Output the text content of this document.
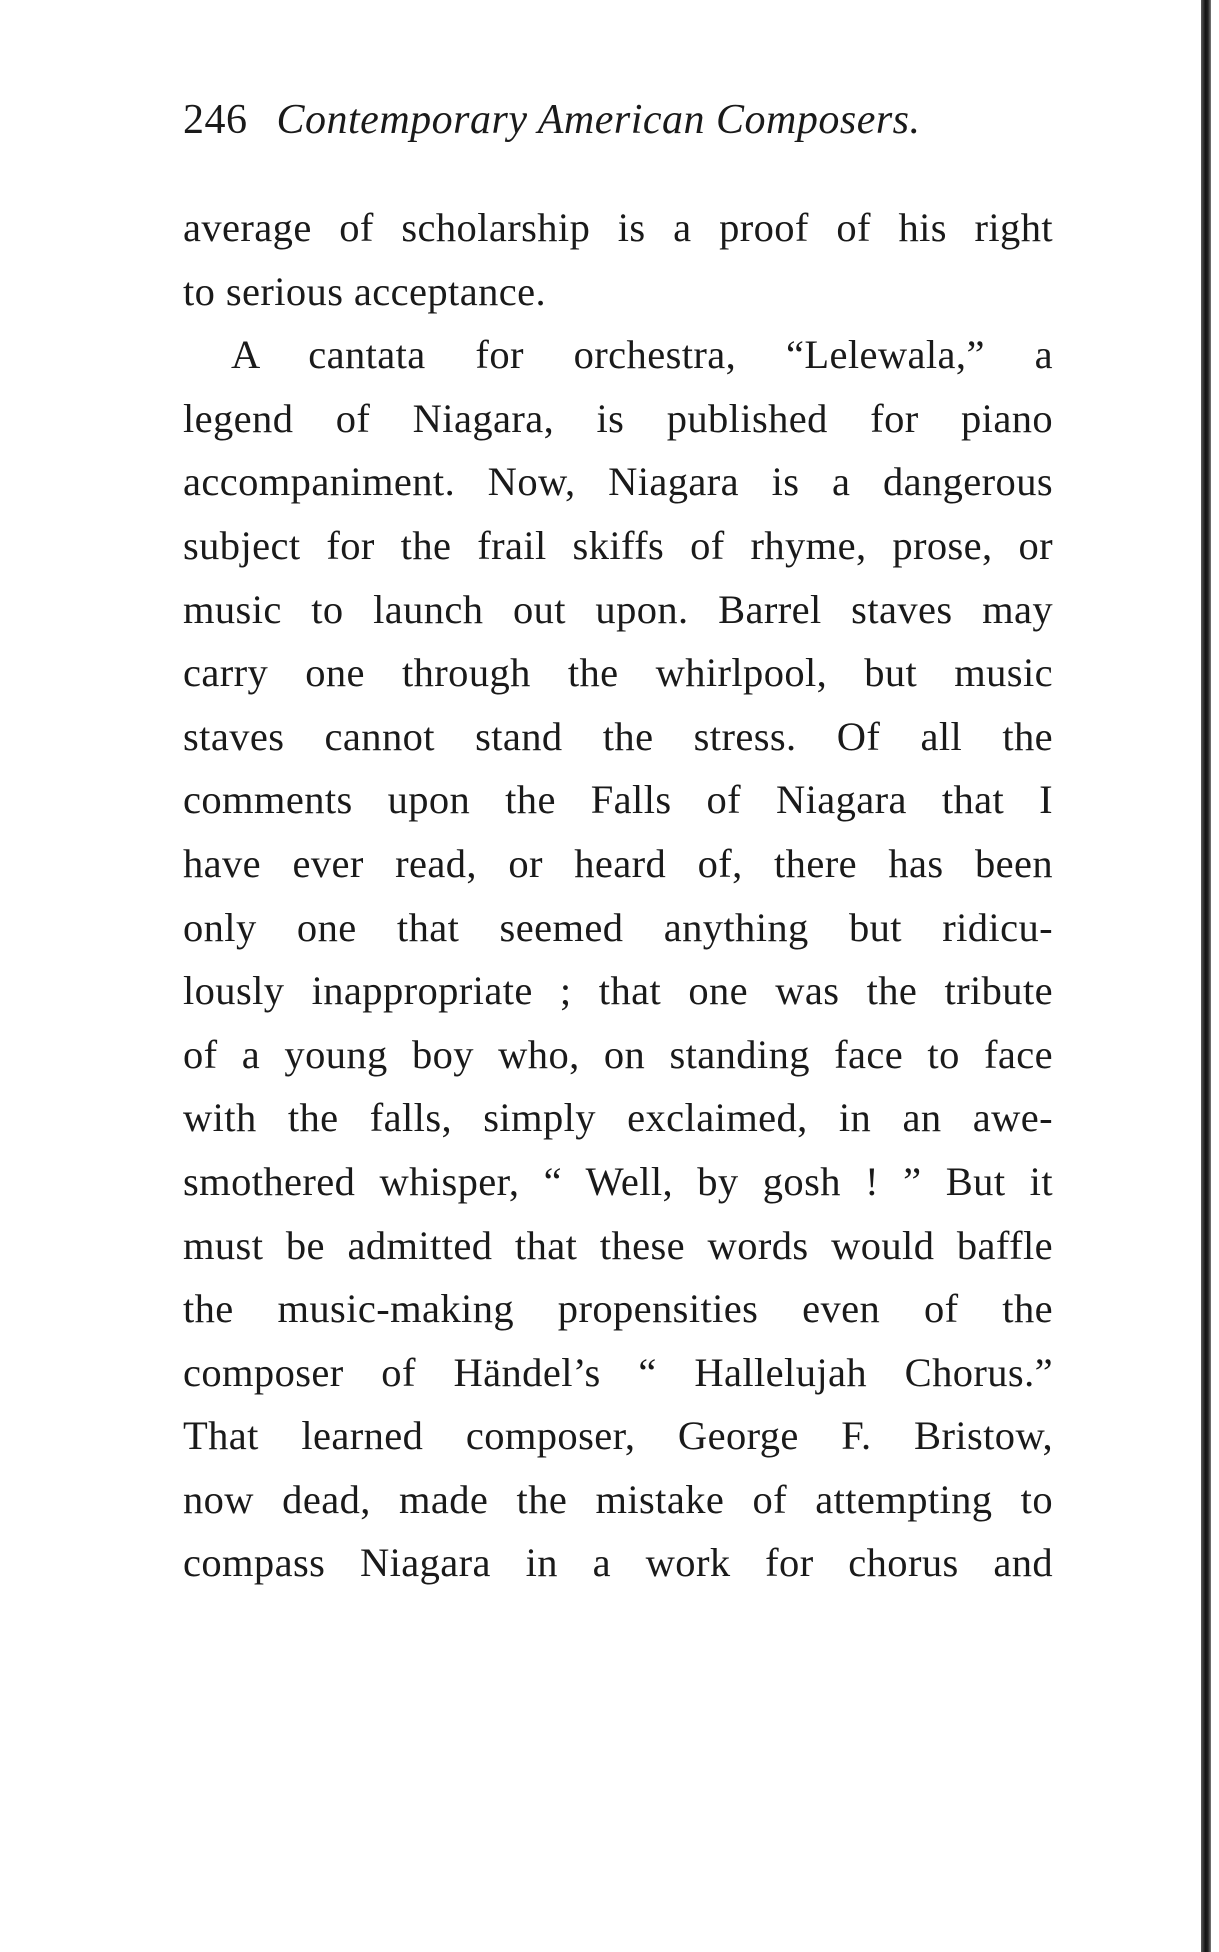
246 Contemporary American Composers.
average of scholarship is a proof of his right
to serious acceptance.
A cantata for orchestra, “Lelewala,” a
legend of Niagara, is published for piano
accompaniment. Now, Niagara is a dangerous
subject for the frail skiffs of rhyme, prose, or
music to launch out upon. Barrel staves may
carry one through the whirlpool, but music
staves cannot stand the stress. Of all the
comments upon the Falls of Niagara that I
have ever read, or heard of, there has been
only one that seemed anything but ridicu-
lously inappropriate ; that one was the tribute
of a young boy who, on standing face to face
with the falls, simply exclaimed, in an awe-
smothered whisper, “ Well, by gosh ! ” But it
must be admitted that these words would baffle
the music-making propensities even of the
composer of Händel’s “ Hallelujah Chorus.”
That learned composer, George F. Bristow,
now dead, made the mistake of attempting to
compass Niagara in a work for chorus and
